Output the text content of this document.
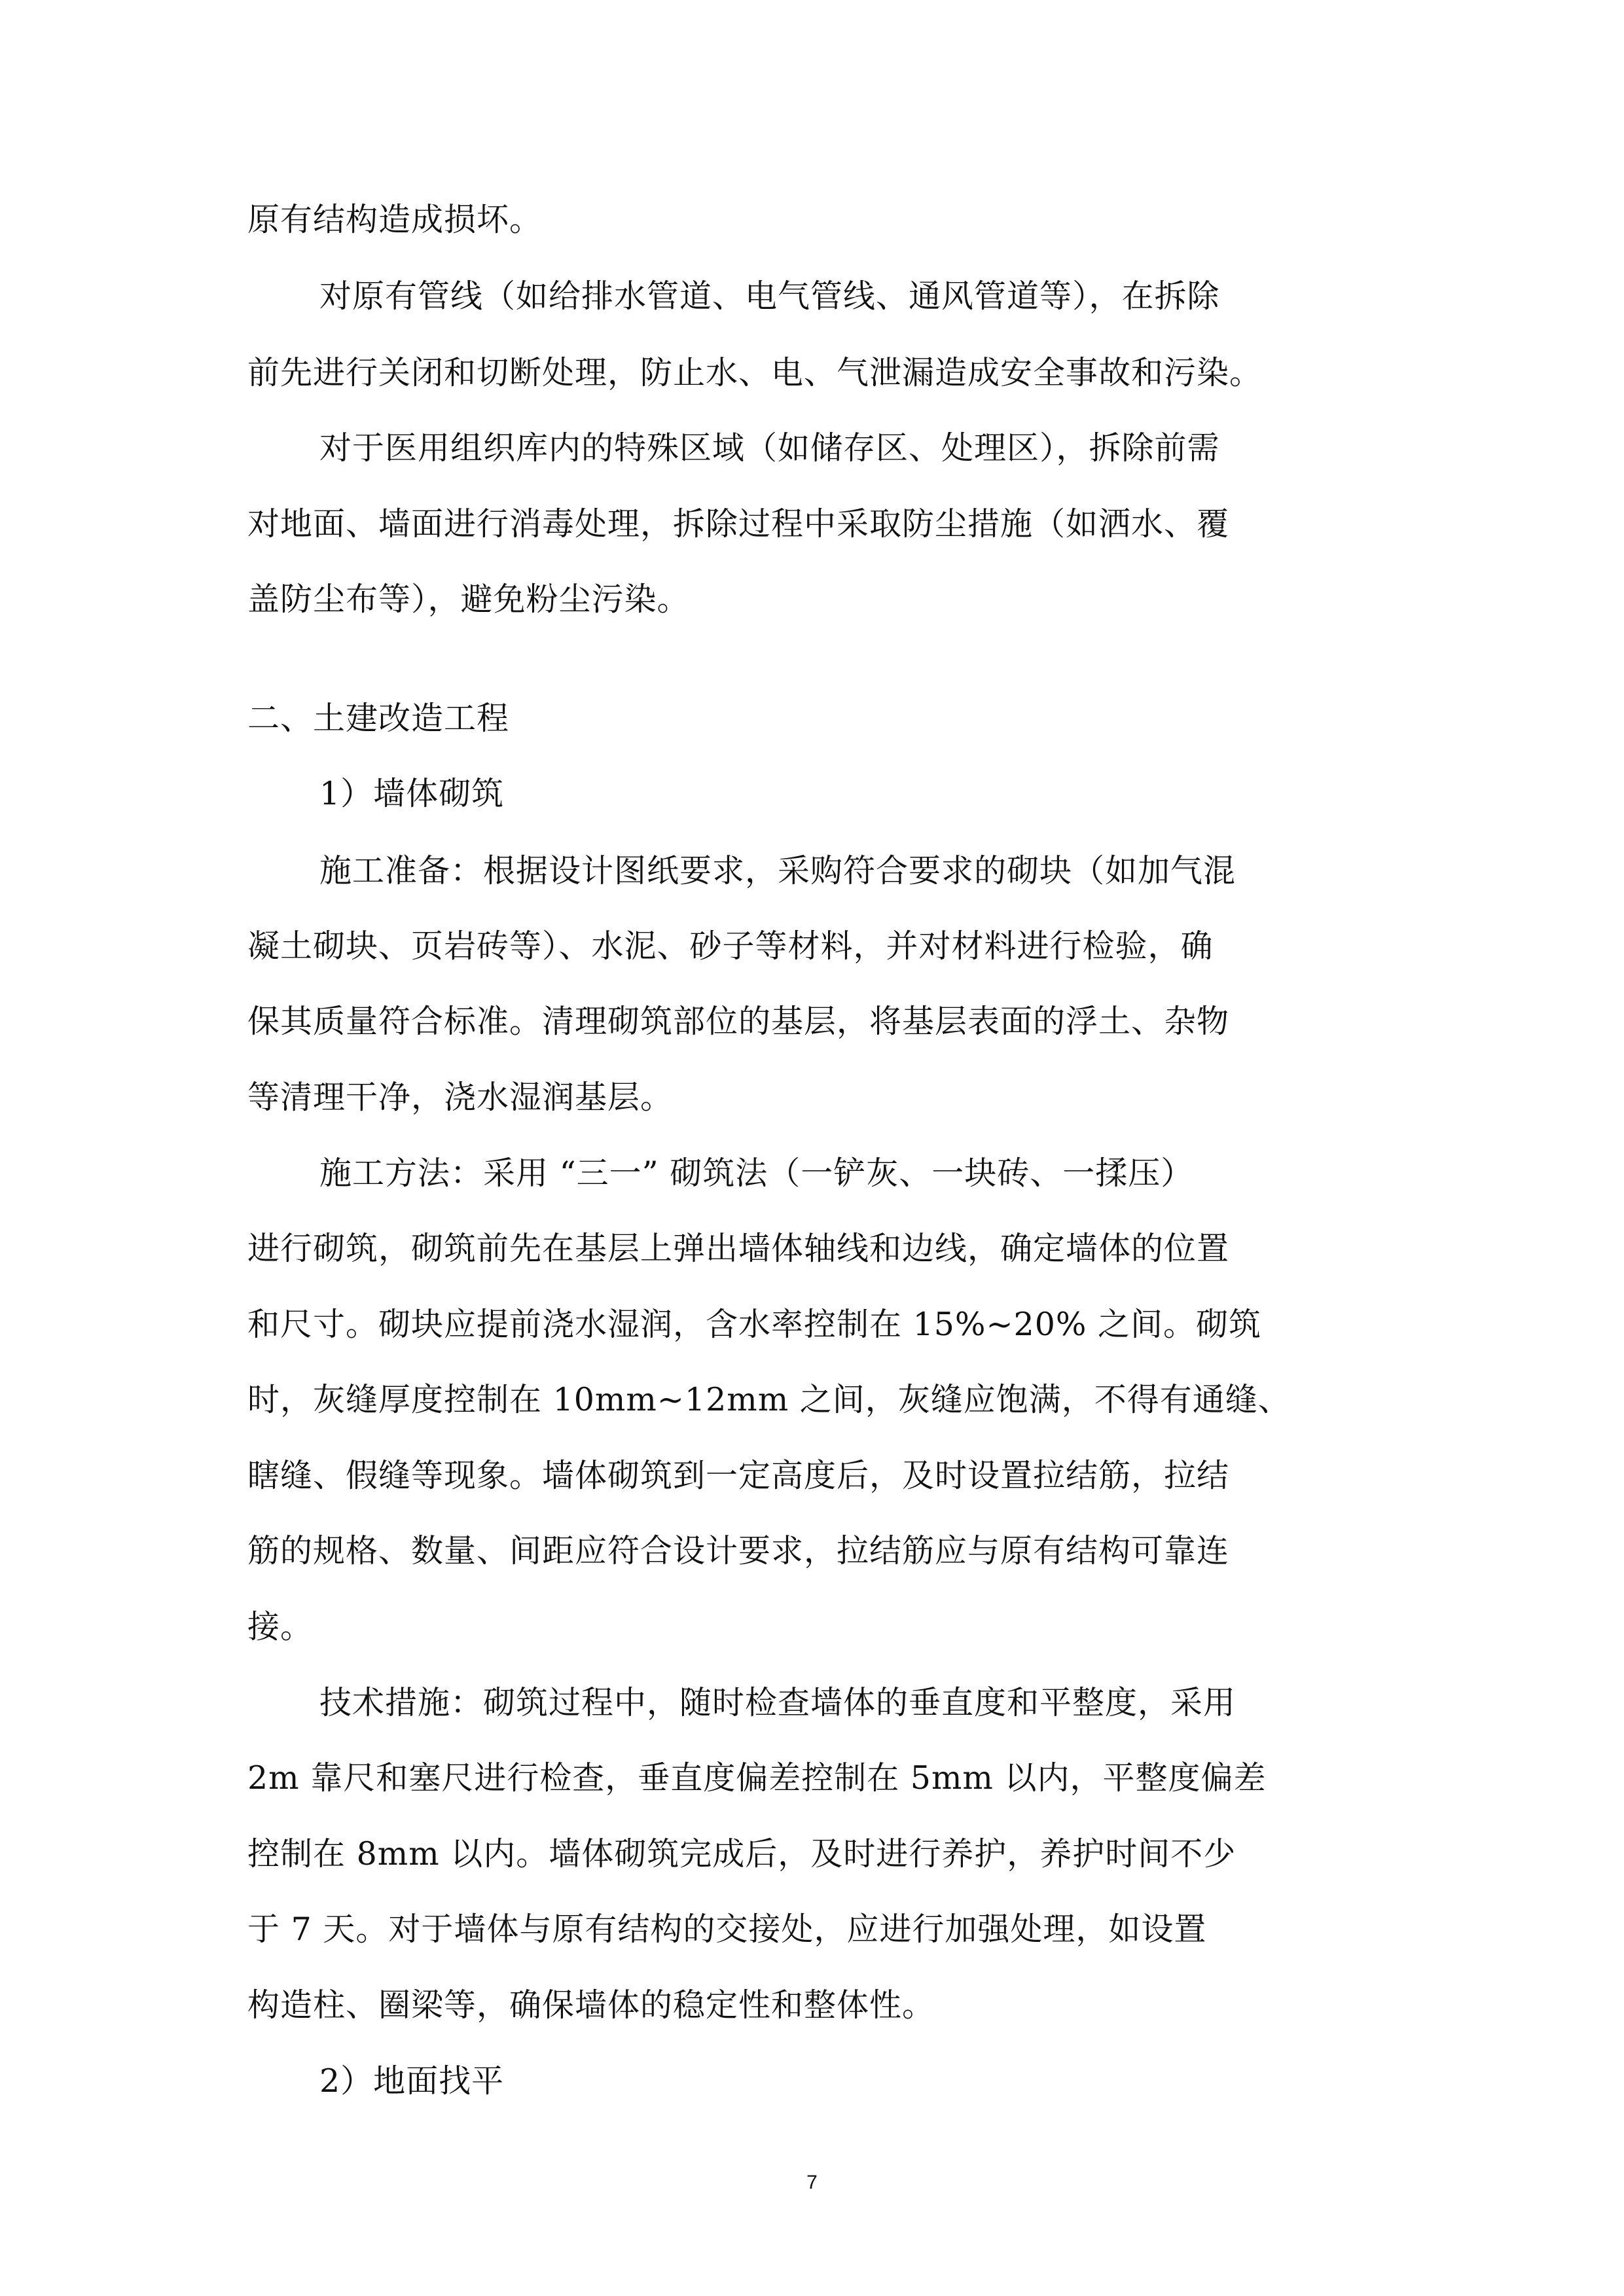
原有结构造成损坏。
对原有管线（如给排水管道、电气管线、通风管道等），在拆除
前先进行关闭和切断处理，防止水、电、气泄漏造成安全事故和污染。
对于医用组织库内的特殊区域（如储存区、处理区），拆除前需
对地面、墙面进行消毒处理，拆除过程中采取防尘措施（如洒水、覆
盖防尘布等），避免粉尘污染。
二、土建改造工程
1）墙体砌筑
施工准备：根据设计图纸要求，采购符合要求的砌块（如加气混
凝土砌块、页岩砖等）、水泥、砂子等材料，并对材料进行检验，确
保其质量符合标准。清理砌筑部位的基层，将基层表面的浮土、杂物
等清理干净，浇水湿润基层。
施工方法：采用 “三一” 砌筑法（一铲灰、一块砖、一揉压）
进行砌筑，砌筑前先在基层上弹出墙体轴线和边线，确定墙体的位置
和尺寸。砌块应提前浇水湿润，含水率控制在 15%~20% 之间。砌筑
时，灰缝厚度控制在 10mm~12mm 之间，灰缝应饱满，不得有通缝、
瞎缝、假缝等现象。墙体砌筑到一定高度后，及时设置拉结筋，拉结
筋的规格、数量、间距应符合设计要求，拉结筋应与原有结构可靠连
接。
技术措施：砌筑过程中，随时检查墙体的垂直度和平整度，采用
2m 靠尺和塞尺进行检查，垂直度偏差控制在 5mm 以内，平整度偏差
控制在 8mm 以内。墙体砌筑完成后，及时进行养护，养护时间不少
于 7 天。对于墙体与原有结构的交接处，应进行加强处理，如设置
构造柱、圈梁等，确保墙体的稳定性和整体性。
2）地面找平
7
